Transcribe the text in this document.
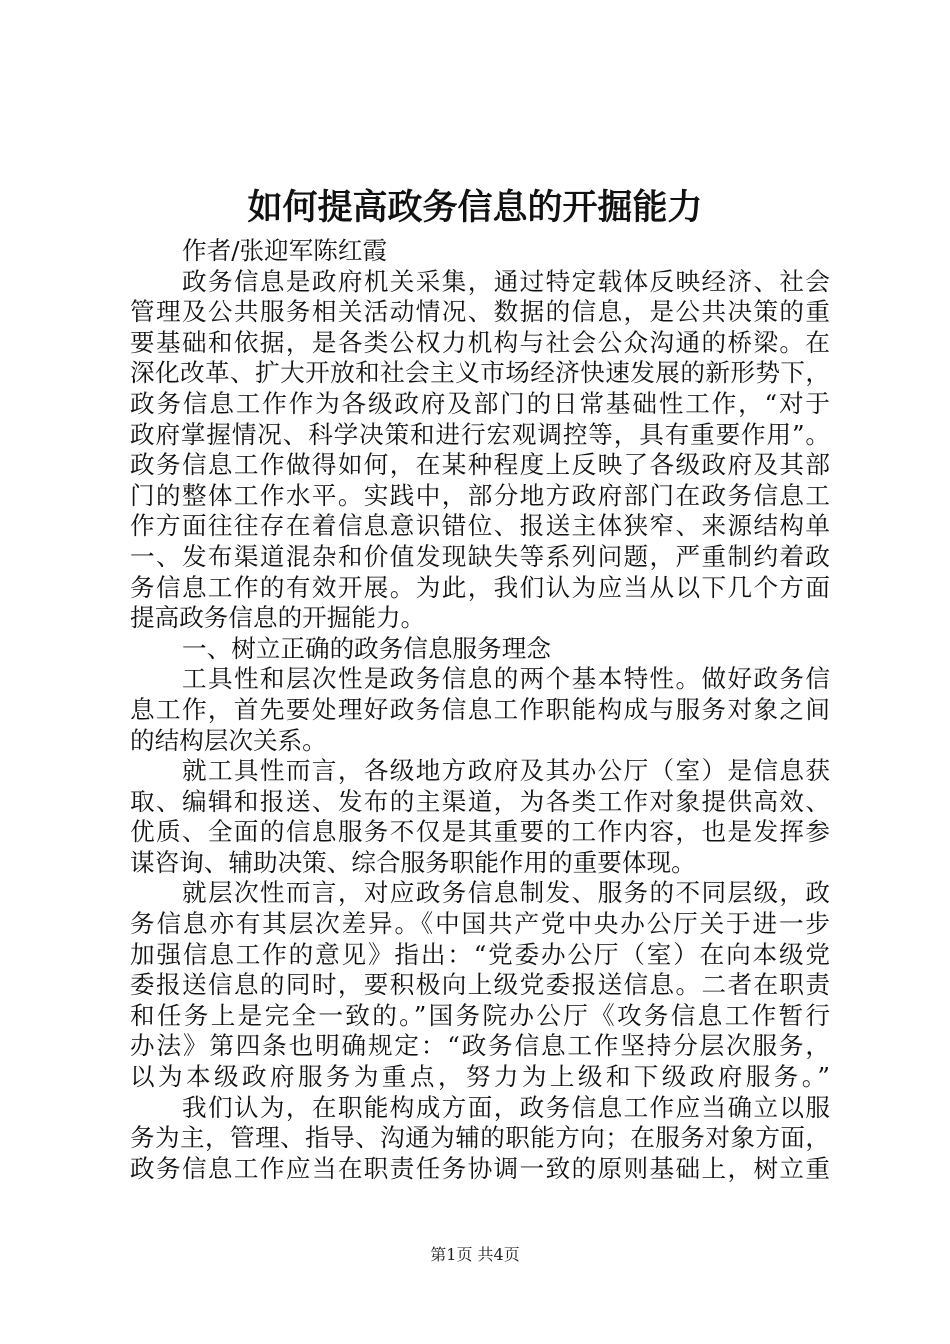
如何提高政务信息的开掘能力
作者/张迎军陈红霞
政务信息是政府机关采集，通过特定载体反映经济、社会
管理及公共服务相关活动情况、数据的信息，是公共决策的重
要基础和依据，是各类公权力机构与社会公众沟通的桥梁。在
深化改革、扩大开放和社会主义市场经济快速发展的新形势下，
政务信息工作作为各级政府及部门的日常基础性工作，“对于
政府掌握情况、科学决策和进行宏观调控等，具有重要作用”。
政务信息工作做得如何，在某种程度上反映了各级政府及其部
门的整体工作水平。实践中，部分地方政府部门在政务信息工
作方面往往存在着信息意识错位、报送主体狭窄、来源结构单
一、发布渠道混杂和价值发现缺失等系列问题，严重制约着政
务信息工作的有效开展。为此，我们认为应当从以下几个方面
提高政务信息的开掘能力。
一、树立正确的政务信息服务理念
工具性和层次性是政务信息的两个基本特性。做好政务信
息工作，首先要处理好政务信息工作职能构成与服务对象之间
的结构层次关系。
就工具性而言，各级地方政府及其办公厅（室）是信息获
取、编辑和报送、发布的主渠道，为各类工作对象提供高效、
优质、全面的信息服务不仅是其重要的工作内容，也是发挥参
谋咨询、辅助决策、综合服务职能作用的重要体现。
就层次性而言，对应政务信息制发、服务的不同层级，政
务信息亦有其层次差异。《中国共产党中央办公厅关于进一步
加强信息工作的意见》指出：“党委办公厅（室）在向本级党
委报送信息的同时，要积极向上级党委报送信息。二者在职责
和任务上是完全一致的。”国务院办公厅《攻务信息工作暂行
办法》第四条也明确规定：“政务信息工作坚持分层次服务，
以为本级政府服务为重点，努力为上级和下级政府服务。”
我们认为，在职能构成方面，政务信息工作应当确立以服
务为主，管理、指导、沟通为辅的职能方向；在服务对象方面，
政务信息工作应当在职责任务协调一致的原则基础上，树立重
第1页 共4页
